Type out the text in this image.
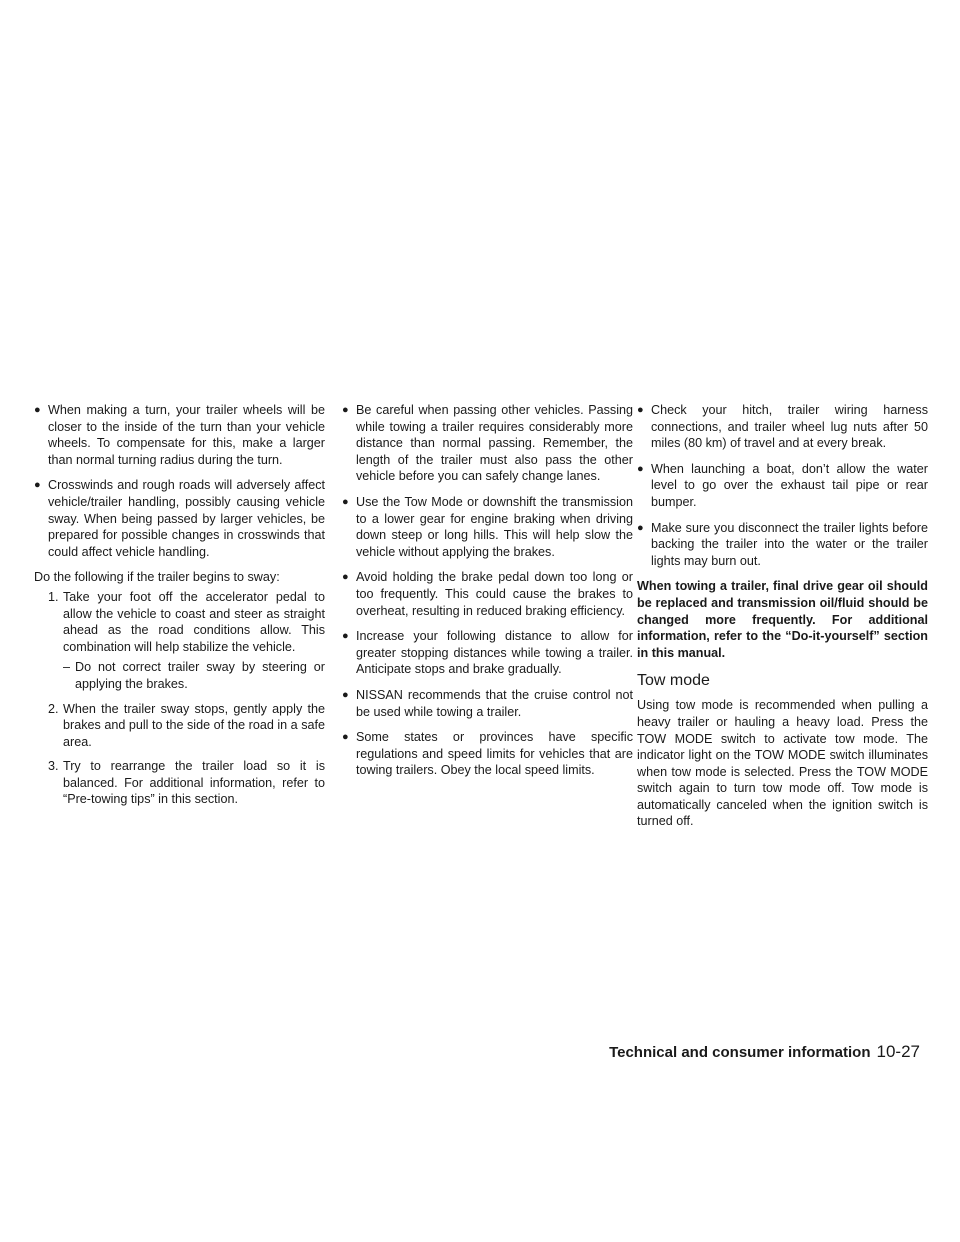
● When making a turn, your trailer wheels will be closer to the inside of the turn than your vehicle wheels. To compensate for this, make a larger than normal turning radius during the turn.
● Crosswinds and rough roads will adversely affect vehicle/trailer handling, possibly causing vehicle sway. When being passed by larger vehicles, be prepared for possible changes in crosswinds that could affect vehicle handling.
Do the following if the trailer begins to sway:
1. Take your foot off the accelerator pedal to allow the vehicle to coast and steer as straight ahead as the road conditions allow. This combination will help stabilize the vehicle.
– Do not correct trailer sway by steering or applying the brakes.
2. When the trailer sway stops, gently apply the brakes and pull to the side of the road in a safe area.
3. Try to rearrange the trailer load so it is balanced. For additional information, refer to “Pre-towing tips” in this section.
● Be careful when passing other vehicles. Passing while towing a trailer requires considerably more distance than normal passing. Remember, the length of the trailer must also pass the other vehicle before you can safely change lanes.
● Use the Tow Mode or downshift the transmission to a lower gear for engine braking when driving down steep or long hills. This will help slow the vehicle without applying the brakes.
● Avoid holding the brake pedal down too long or too frequently. This could cause the brakes to overheat, resulting in reduced braking efficiency.
● Increase your following distance to allow for greater stopping distances while towing a trailer. Anticipate stops and brake gradually.
● NISSAN recommends that the cruise control not be used while towing a trailer.
● Some states or provinces have specific regulations and speed limits for vehicles that are towing trailers. Obey the local speed limits.
● Check your hitch, trailer wiring harness connections, and trailer wheel lug nuts after 50 miles (80 km) of travel and at every break.
● When launching a boat, don’t allow the water level to go over the exhaust tail pipe or rear bumper.
● Make sure you disconnect the trailer lights before backing the trailer into the water or the trailer lights may burn out.
When towing a trailer, final drive gear oil should be replaced and transmission oil/fluid should be changed more frequently. For additional information, refer to the “Do-it-yourself” section in this manual.
Tow mode
Using tow mode is recommended when pulling a heavy trailer or hauling a heavy load. Press the TOW MODE switch to activate tow mode. The indicator light on the TOW MODE switch illuminates when tow mode is selected. Press the TOW MODE switch again to turn tow mode off. Tow mode is automatically canceled when the ignition switch is turned off.
Technical and consumer information 10-27
